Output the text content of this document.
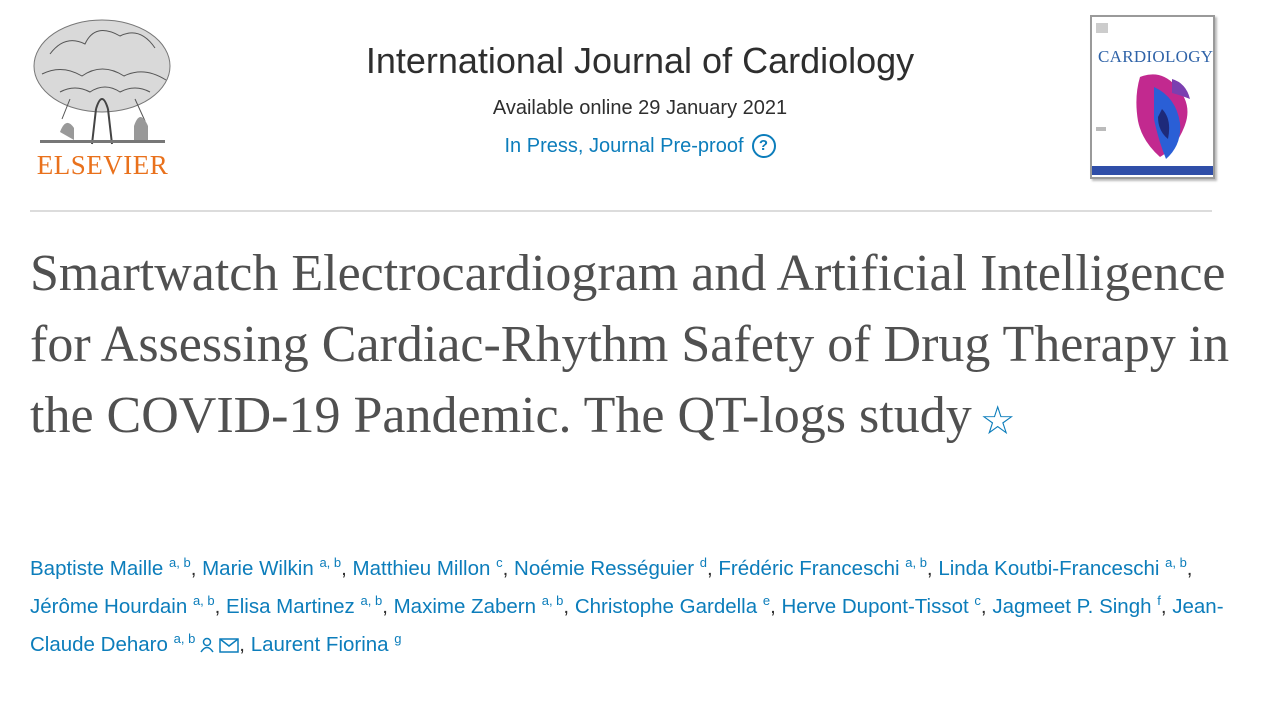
ELSEVIER
International Journal of Cardiology
Available online 29 January 2021
In Press, Journal Pre-proof	?
CARDIOLOGY
Smartwatch Electrocardiogram and Artificial Intelligence for Assessing Cardiac-Rhythm Safety of Drug Therapy in the COVID-19 Pandemic. The QT-logs study ☆
Baptiste Maille $^{a, b}$, Marie Wilkin $^{a, b}$, Matthieu Millon $^c$, Noémie Rességuier $^d$, Frédéric Franceschi $^{a, b}$, Linda Koutbi-Franceschi $^{a, b}$, Jérôme Hourdain $^{a, b}$, Elisa Martinez $^{a, b}$, Maxime Zabern $^{a, b}$, Christophe Gardella $^e$, Herve Dupont-Tissot $^c$, Jagmeet P. Singh $^f$, Jean-Claude Deharo $^{a, b}$ , Laurent Fiorina $^g$
